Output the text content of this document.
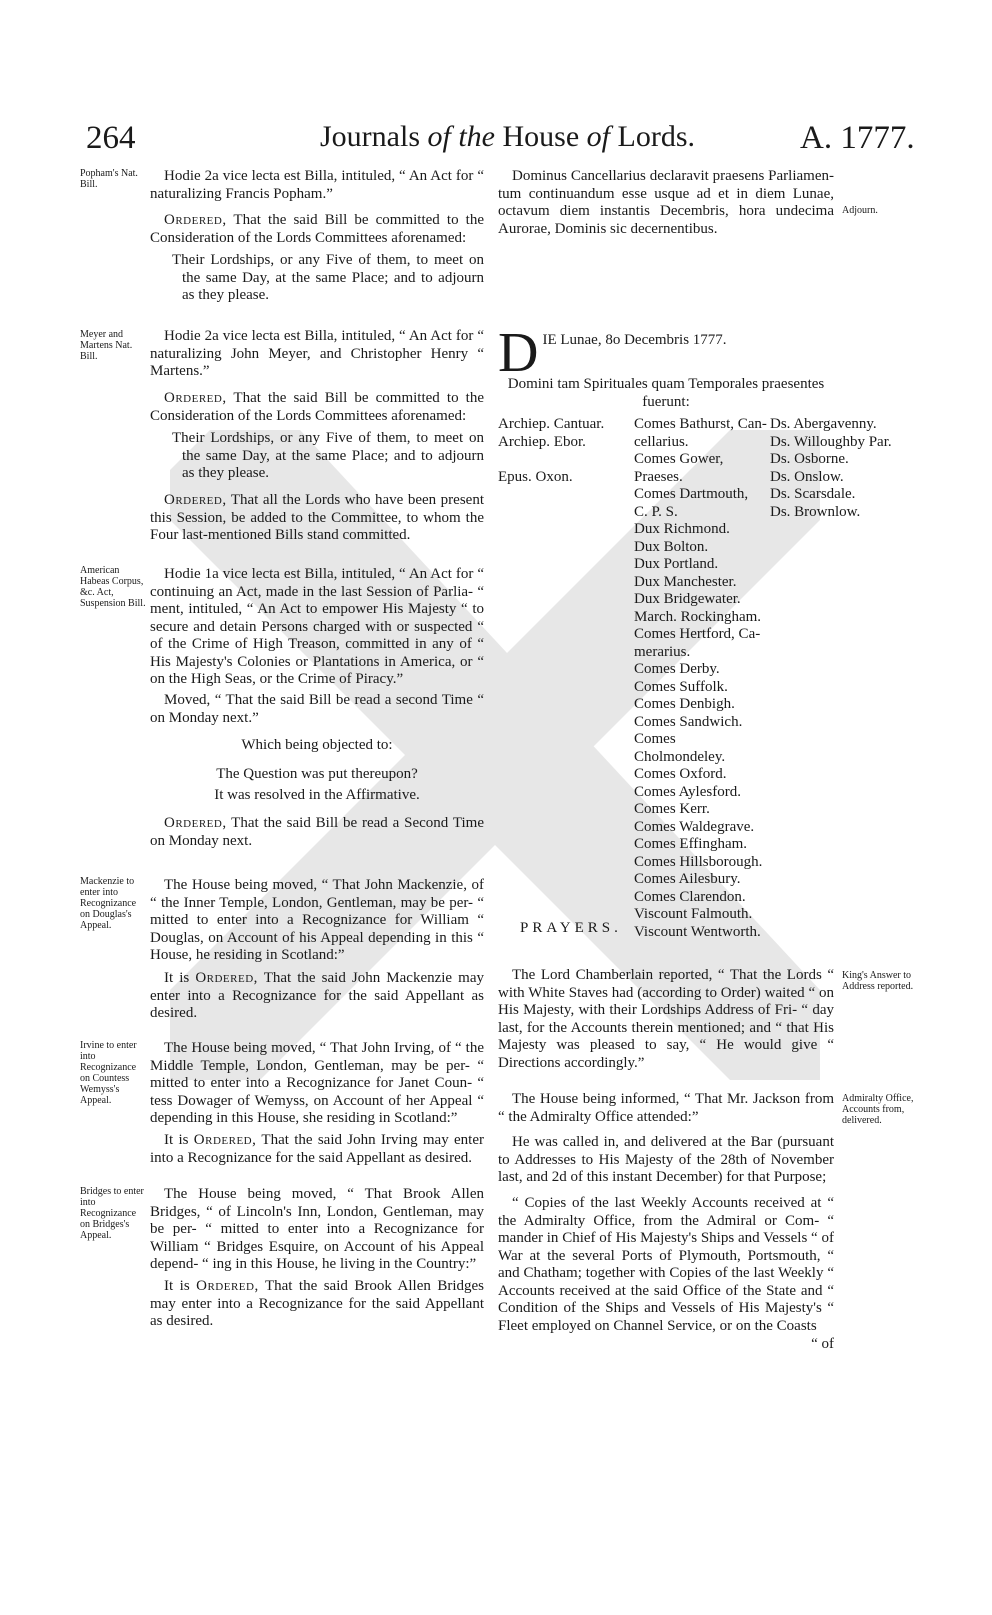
264	Journals of the House of Lords.	A. 1777.
Popham's Nat. Bill.
Meyer and Martens Nat. Bill.
American Habeas Corpus, &c. Act, Suspension Bill.
Mackenzie to enter into Recognizance on Douglas's Appeal.
Irvine to enter into Recognizance on Countess Wemyss's Appeal.
Bridges to enter into Recognizance on Bridges's Appeal.
Adjourn.
King's Answer to Address reported.
Admiralty Office, Accounts from, delivered.

Hodie 2a vice lecta est Billa, intituled, “ An Act for “ naturalizing Francis Popham.”

Ordered, That the said Bill be committed to the Consideration of the Lords Committees aforenamed:

Their Lordships, or any Five of them, to meet on the same Day, at the same Place; and to adjourn as they please.

Hodie 2a vice lecta est Billa, intituled, “ An Act for “ naturalizing John Meyer, and Christopher Henry “ Martens.”

Ordered, That the said Bill be committed to the Consideration of the Lords Committees aforenamed:

Their Lordships, or any Five of them, to meet on the same Day, at the same Place; and to adjourn as they please.

Ordered, That all the Lords who have been present this Session, be added to the Committee, to whom the Four last-mentioned Bills stand committed.

Hodie 1a vice lecta est Billa, intituled, “ An Act for “ continuing an Act, made in the last Session of Parlia- “ ment, intituled, “ An Act to empower His Majesty “ to secure and detain Persons charged with or suspected “ of the Crime of High Treason, committed in any of “ His Majesty's Colonies or Plantations in America, or “ on the High Seas, or the Crime of Piracy.”

Moved, “ That the said Bill be read a second Time “ on Monday next.”

Which being objected to:

The Question was put thereupon?

It was resolved in the Affirmative.

Ordered, That the said Bill be read a Second Time on Monday next.

The House being moved, “ That John Mackenzie, of “ the Inner Temple, London, Gentleman, may be per- “ mitted to enter into a Recognizance for William “ Douglas, on Account of his Appeal depending in this “ House, he residing in Scotland:”

It is Ordered, That the said John Mackenzie may enter into a Recognizance for the said Appellant as desired.

The House being moved, “ That John Irving, of “ the Middle Temple, London, Gentleman, may be per- “ mitted to enter into a Recognizance for Janet Coun- “ tess Dowager of Wemyss, on Account of her Appeal “ depending in this House, she residing in Scotland:”

It is Ordered, That the said John Irving may enter into a Recognizance for the said Appellant as desired.

The House being moved, “ That Brook Allen Bridges, “ of Lincoln's Inn, London, Gentleman, may be per- “ mitted to enter into a Recognizance for William “ Bridges Esquire, on Account of his Appeal depend- “ ing in this House, he living in the Country:”

It is Ordered, That the said Brook Allen Bridges may enter into a Recognizance for the said Appellant as desired.

Dominus Cancellarius declaravit praesens Parliamen- tum continuandum esse usque ad et in diem Lunae, octavum diem instantis Decembris, hora undecima Aurorae, Dominis sic decernentibus.

D IE Lunae, 8o Decembris 1777.

Domini tam Spirituales quam Temporales praesentes fuerunt:

Archiep. Cantuar.
Archiep. Ebor.
Epus. Oxon.
Comes Bathurst, Can-
cellarius.
Comes Gower, Praeses.
Comes Dartmouth,
C. P. S.
Dux Richmond.
Dux Bolton.
Dux Portland.
Dux Manchester.
Dux Bridgewater.
March. Rockingham.
Comes Hertford, Ca-
merarius.
Comes Derby.
Comes Suffolk.
Comes Denbigh.
Comes Sandwich.
Comes Cholmondeley.
Comes Oxford.
Comes Aylesford.
Comes Kerr.
Comes Waldegrave.
Comes Effingham.
Comes Hillsborough.
Comes Ailesbury.
Comes Clarendon.
Viscount Falmouth.
Viscount Wentworth.
Ds. Abergavenny.
Ds. Willoughby Par.
Ds. Osborne.
Ds. Onslow.
Ds. Scarsdale.
Ds. Brownlow.
PRAYERS.

The Lord Chamberlain reported, “ That the Lords “ with White Staves had (according to Order) waited “ on His Majesty, with their Lordships Address of Fri- “ day last, for the Accounts therein mentioned; and “ that His Majesty was pleased to say, “ He would give “ Directions accordingly.”

The House being informed, “ That Mr. Jackson from “ the Admiralty Office attended:”

He was called in, and delivered at the Bar (pursuant to Addresses to His Majesty of the 28th of November last, and 2d of this instant December) for that Purpose;

“ Copies of the last Weekly Accounts received at “ the Admiralty Office, from the Admiral or Com- “ mander in Chief of His Majesty's Ships and Vessels “ of War at the several Ports of Plymouth, Portsmouth, “ and Chatham; together with Copies of the last Weekly “ Accounts received at the said Office of the State and “ Condition of the Ships and Vessels of His Majesty's “ Fleet employed on Channel Service, or on the Coasts

“ of
